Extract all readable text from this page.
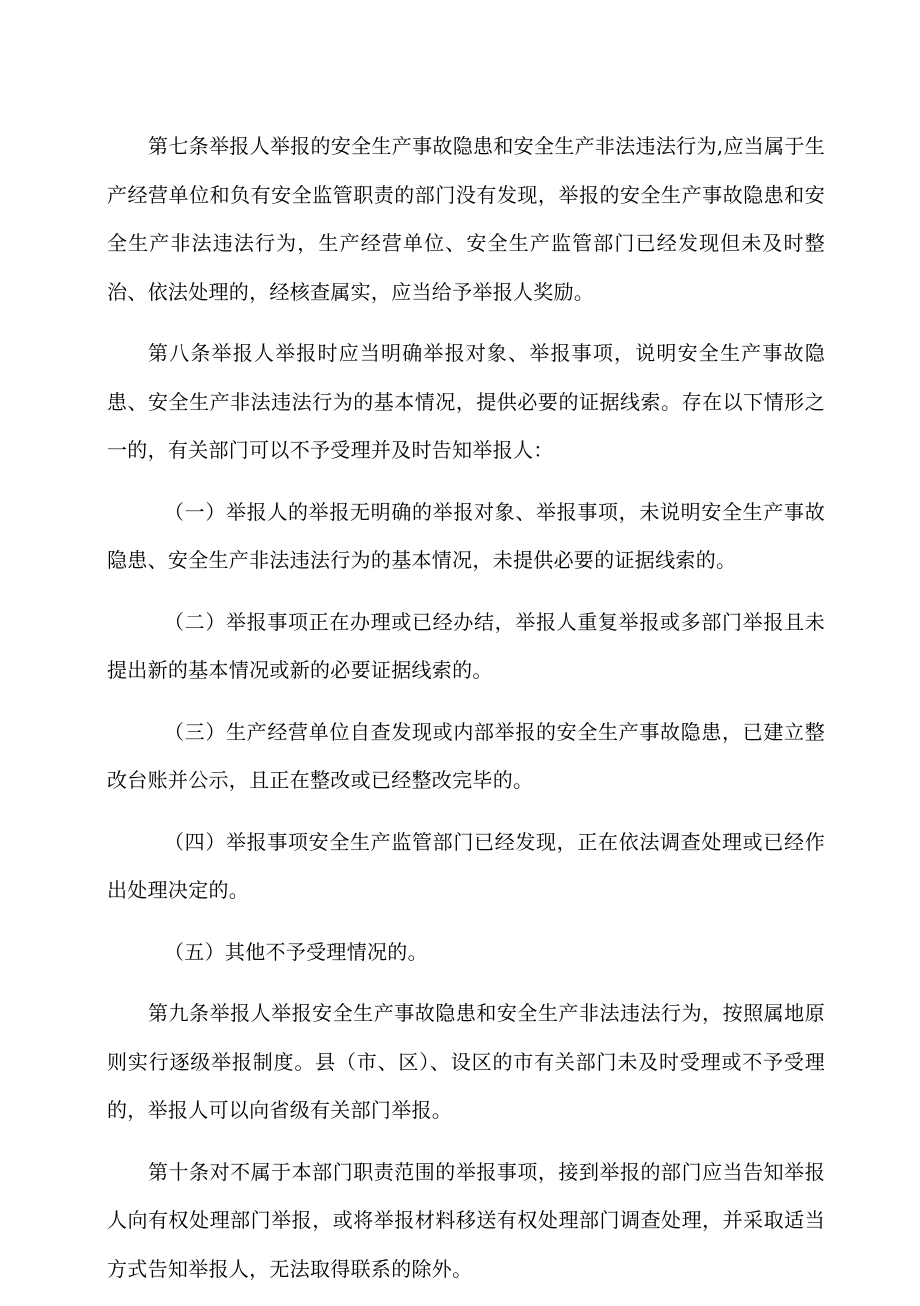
第七条举报人举报的安全生产事故隐患和安全生产非法违法行为,应当属于生产经营单位和负有安全监管职责的部门没有发现，举报的安全生产事故隐患和安全生产非法违法行为，生产经营单位、安全生产监管部门已经发现但未及时整治、依法处理的，经核查属实，应当给予举报人奖励。

第八条举报人举报时应当明确举报对象、举报事项，说明安全生产事故隐患、安全生产非法违法行为的基本情况，提供必要的证据线索。存在以下情形之一的，有关部门可以不予受理并及时告知举报人：

（一）举报人的举报无明确的举报对象、举报事项，未说明安全生产事故隐患、安全生产非法违法行为的基本情况，未提供必要的证据线索的。

（二）举报事项正在办理或已经办结，举报人重复举报或多部门举报且未提出新的基本情况或新的必要证据线索的。

（三）生产经营单位自查发现或内部举报的安全生产事故隐患，已建立整改台账并公示，且正在整改或已经整改完毕的。

（四）举报事项安全生产监管部门已经发现，正在依法调查处理或已经作出处理决定的。

（五）其他不予受理情况的。

第九条举报人举报安全生产事故隐患和安全生产非法违法行为，按照属地原则实行逐级举报制度。县（市、区）、设区的市有关部门未及时受理或不予受理的，举报人可以向省级有关部门举报。

第十条对不属于本部门职责范围的举报事项，接到举报的部门应当告知举报人向有权处理部门举报，或将举报材料移送有权处理部门调查处理，并采取适当方式告知举报人，无法取得联系的除外。
